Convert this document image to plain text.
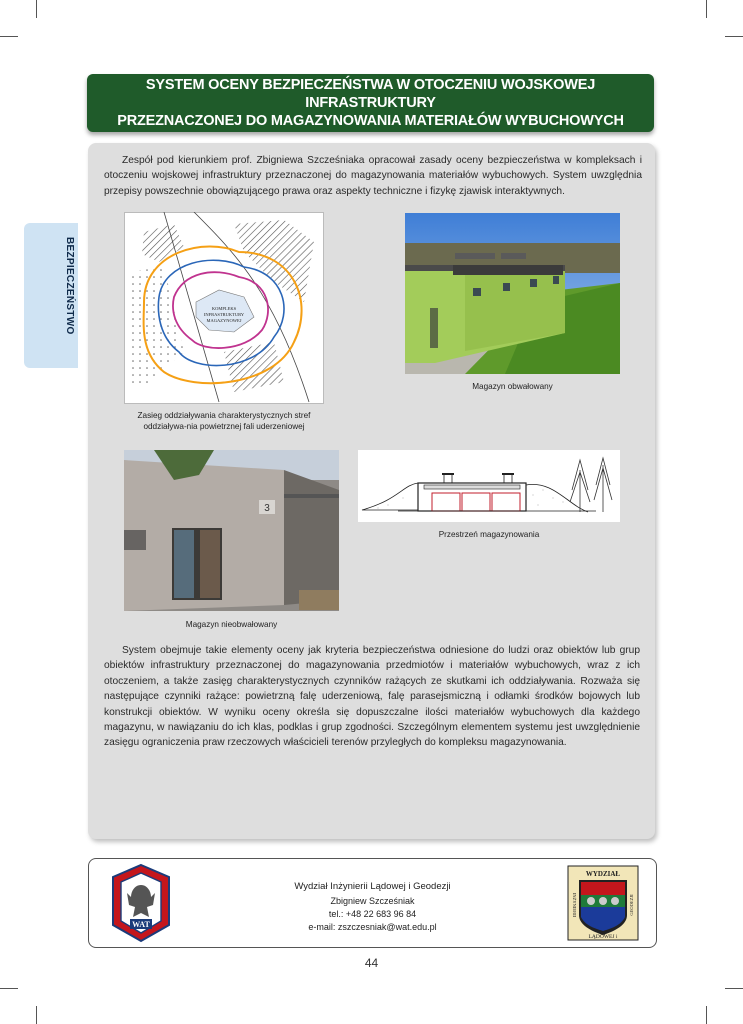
SYSTEM OCENY BEZPIECZEŃSTWA W OTOCZENIU WOJSKOWEJ INFRASTRUKTURY
PRZEZNACZONEJ DO MAGAZYNOWANIA MATERIAŁÓW WYBUCHOWYCH
BEZPIECZEŃSTWO
Zespół pod kierunkiem prof. Zbigniewa Szcześniaka opracował zasady oceny bezpieczeństwa w kompleksach i otoczeniu wojskowej infrastruktury przeznaczonej do magazynowania materiałów wybuchowych. System uwzględnia przepisy powszechnie obowiązującego prawa oraz aspekty techniczne i fizykę zjawisk interaktywnych.
KOMPLEKS
INFRASTRUKTURY
MAGAZYNOWEJ
Zasieg oddziaływania charakterystycznych stref oddziaływa-nia powietrznej fali uderzeniowej
Magazyn obwałowany
3
Magazyn nieobwałowany
Przestrzeń magazynowania
System obejmuje takie elementy oceny jak kryteria bezpieczeństwa odniesione do ludzi oraz obiektów lub grup obiektów infrastruktury przeznaczonej do magazynowania przedmiotów i materiałów wybuchowych, wraz z ich otoczeniem, a także zasięg charakterystycznych czynników rażących ze skutkami ich oddziaływania. Rozważa się następujące czynniki rażące: powietrzną falę uderzeniową, falę parasejsmiczną i odłamki środków bojowych lub konstrukcji obiektów. W wyniku oceny określa się dopuszczalne ilości materiałów wybuchowych dla każdego magazynu, w nawiązaniu do ich klas, podklas i grup zgodności. Szczególnym elementem systemu jest uwzględnienie zasięgu ograniczenia praw rzeczowych właścicieli terenów przyległych do kompleksu magazynowania.
WAT
Wydział Inżynierii Lądowej i Geodezji
Zbigniew Szcześniak
tel.: +48 22 683 96 84
e-mail: zszczesniak@wat.edu.pl
WYDZIAŁ
LĄDOWEJ i
INŻYNIERII	GEODEZJI
44
